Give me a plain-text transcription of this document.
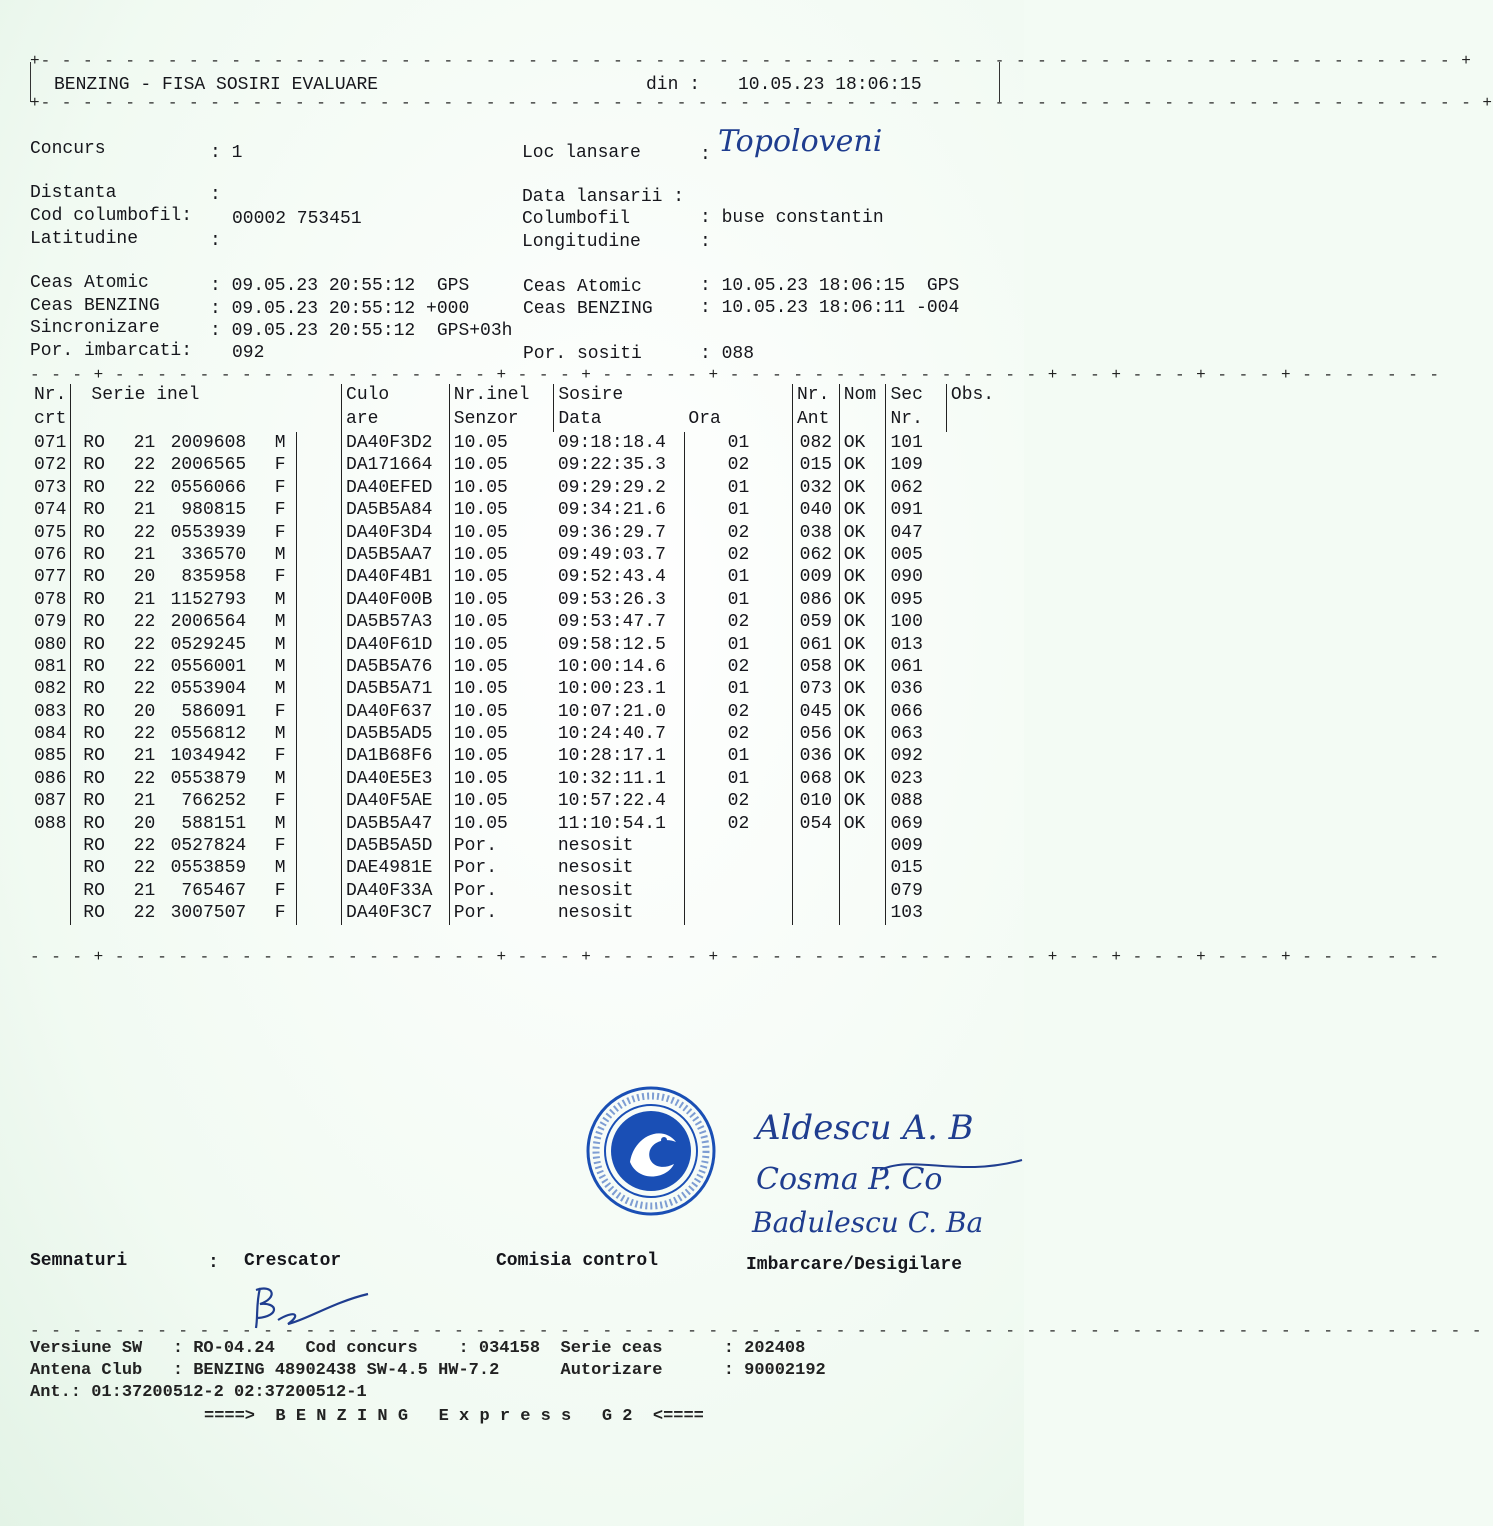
+- - - - - - - - - - - - - - - - - - - - - - - - - - - - - - - - - - - - - - - - - - - - - - - - - - - - - - - - - - - - - - - - - - - +
BENZING - FISA SOSIRI EVALUARE	din : 10.05.23 18:06:15
+- - - - - - - - - - - - - - - - - - - - - - - - - - - - - - - - - - - - - - - - - - - - - - - - - - - - - - - - - - - - - - - - - - - - +
Concurs	: 1	Loc lansare	: Topoloveni
Distanta	:	Data lansarii :
Cod columbofil: 00002 753451	Columbofil	: buse constantin
Latitudine	:	Longitudine	:
Ceas Atomic	: 09.05.23 20:55:12  GPS	Ceas Atomic	: 10.05.23 18:06:15  GPS
Ceas BENZING	: 09.05.23 20:55:12 +000	Ceas BENZING	: 10.05.23 18:06:11 -004
Sincronizare	: 09.05.23 20:55:12  GPS+03h
Por. imbarcati: 092	Por. sositi	: 088
- - - + - - - - - - - - - - - - - - - - - - + - - - + - - - - - + - - - - - - - - - - - - - - - + - - + - - - + - - - + - - - - - - -
Nr.	Serie inel					Culo	Nr.inel	Sosire		Nr.	Nom	Sec	Obs.
crt						are	Senzor	Data	Ora	Ant		Nr.	
071	RO	21	2009608	M		DA40F3D2	10.05	09:18:18.4	01	082	OK	101	
072	RO	22	2006565	F		DA171664	10.05	09:22:35.3	02	015	OK	109	
073	RO	22	0556066	F		DA40EFED	10.05	09:29:29.2	01	032	OK	062	
074	RO	21	980815	F		DA5B5A84	10.05	09:34:21.6	01	040	OK	091	
075	RO	22	0553939	F		DA40F3D4	10.05	09:36:29.7	02	038	OK	047	
076	RO	21	336570	M		DA5B5AA7	10.05	09:49:03.7	02	062	OK	005	
077	RO	20	835958	F		DA40F4B1	10.05	09:52:43.4	01	009	OK	090	
078	RO	21	1152793	M		DA40F00B	10.05	09:53:26.3	01	086	OK	095	
079	RO	22	2006564	M		DA5B57A3	10.05	09:53:47.7	02	059	OK	100	
080	RO	22	0529245	M		DA40F61D	10.05	09:58:12.5	01	061	OK	013	
081	RO	22	0556001	M		DA5B5A76	10.05	10:00:14.6	02	058	OK	061	
082	RO	22	0553904	M		DA5B5A71	10.05	10:00:23.1	01	073	OK	036	
083	RO	20	586091	F		DA40F637	10.05	10:07:21.0	02	045	OK	066	
084	RO	22	0556812	M		DA5B5AD5	10.05	10:24:40.7	02	056	OK	063	
085	RO	21	1034942	F		DA1B68F6	10.05	10:28:17.1	01	036	OK	092	
086	RO	22	0553879	M		DA40E5E3	10.05	10:32:11.1	01	068	OK	023	
087	RO	21	766252	F		DA40F5AE	10.05	10:57:22.4	02	010	OK	088	
088	RO	20	588151	M		DA5B5A47	10.05	11:10:54.1	02	054	OK	069	
	RO	22	0527824	F		DA5B5A5D	Por.	nesosit				009	
	RO	22	0553859	M		DAE4981E	Por.	nesosit				015	
	RO	21	765467	F		DA40F33A	Por.	nesosit				079	
	RO	22	3007507	F		DA40F3C7	Por.	nesosit				103	
- - - + - - - - - - - - - - - - - - - - - - + - - - + - - - - - + - - - - - - - - - - - - - - - + - - + - - - + - - - + - - - - - - -
Aldescu A. B
Cosma P. Co
Badulescu C. Ba
Semnaturi	: Crescator	Comisia control	Imbarcare/Desigilare
- - - - - - - - - - - - - - - - - - - - - - - - - - - - - - - - - - - - - - - - - - - - - - - - - - - - - - - - - - - - - - - - - - - - -
Versiune SW   : RO-04.24   Cod concurs    : 034158  Serie ceas      : 202408
Antena Club   : BENZING 48902438 SW-4.5 HW-7.2      Autorizare      : 90002192
Ant.: 01:37200512-2 02:37200512-1
====>  B E N Z I N G   E x p r e s s   G 2  <====
